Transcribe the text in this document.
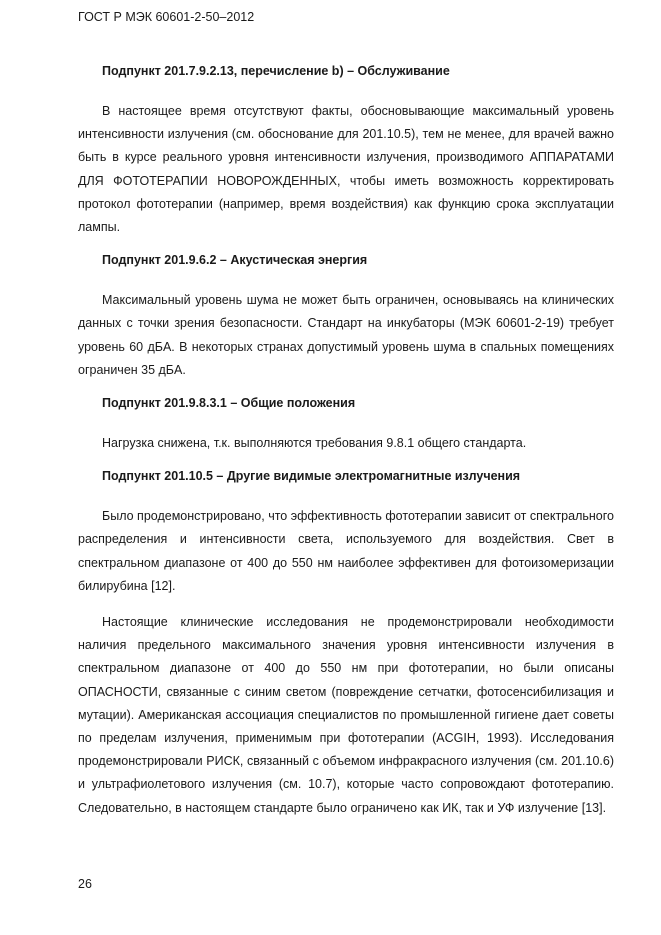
ГОСТ Р МЭК 60601-2-50–2012
Подпункт 201.7.9.2.13, перечисление b) – Обслуживание

В настоящее время отсутствуют факты, обосновывающие максимальный уровень интенсивности излучения (см. обоснование для 201.10.5), тем не менее, для врачей важно быть в курсе реального уровня интенсивности излучения, производимого АППАРАТАМИ ДЛЯ ФОТОТЕРАПИИ НОВОРОЖДЕННЫХ, чтобы иметь возможность корректировать протокол фототерапии (например, время воздействия) как функцию срока эксплуатации лампы.

Подпункт 201.9.6.2 – Акустическая энергия

Максимальный уровень шума не может быть ограничен, основываясь на клинических данных с точки зрения безопасности. Стандарт на инкубаторы (МЭК 60601-2-19) требует уровень 60 дБA. В некоторых странах допустимый уровень шума в спальных помещениях ограничен 35 дБA.

Подпункт 201.9.8.3.1 – Общие положения

Нагрузка снижена, т.к. выполняются требования 9.8.1 общего стандарта.

Подпункт 201.10.5 – Другие видимые электромагнитные излучения

Было продемонстрировано, что эффективность фототерапии зависит от спектрального распределения и интенсивности света, используемого для воздействия. Свет в спектральном диапазоне от 400 до 550 нм наиболее эффективен для фотоизомеризации билирубина [12].

Настоящие клинические исследования не продемонстрировали необходимости наличия предельного максимального значения уровня интенсивности излучения в спектральном диапазоне от 400 до 550 нм при фототерапии, но были описаны ОПАСНОСТИ, связанные с синим светом (повреждение сетчатки, фотосенсибилизация и мутации). Американская ассоциация специалистов по промышленной гигиене дает советы по пределам излучения, применимым при фототерапии (ACGIH, 1993). Исследования продемонстрировали РИСК, связанный с объемом инфракрасного излучения (см. 201.10.6) и ультрафиолетового излучения (см. 10.7), которые часто сопровождают фототерапию. Следовательно, в настоящем стандарте было ограничено как ИК, так и УФ излучение [13].

26
